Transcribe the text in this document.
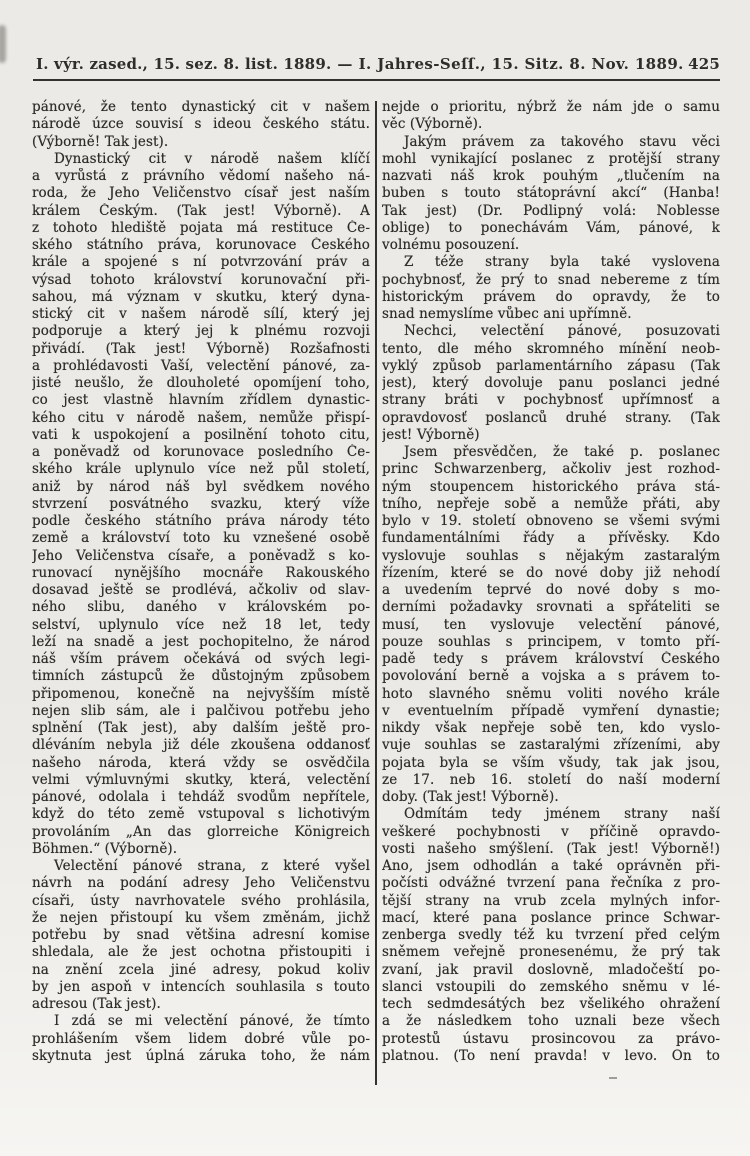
I. výr. zased., 15. sez. 8. list. 1889. — I. Jahres-Seſſ., 15. Sitz. 8. Nov. 1889. 425
pánové, že tento dynastický cit v našem
národě úzce souvisí s ideou českého státu.
(Výborně! Tak jest).
Dynastický cit v národě našem klíčí
a vyrůstá z právního vědomí našeho ná-
roda, že Jeho Veličenstvo císař jest naším
králem Českým. (Tak jest! Výborně). A
z tohoto hlediště pojata má restituce Če-
ského státního práva, korunovace Českého
krále a spojené s ní potvrzování práv a
výsad tohoto království korunovační při-
sahou, má význam v skutku, který dyna-
stický cit v našem národě sílí, který jej
podporuje a který jej k plnému rozvoji
přivádí. (Tak jest! Výborně) Rozšafnosti
a prohlédavosti Vaší, velectění pánové, za-
jisté neušlo, že dlouholeté opomíjení toho,
co jest vlastně hlavním zřídlem dynastic-
kého citu v národě našem, nemůže přispí-
vati k uspokojení a posilnění tohoto citu,
a poněvadž od korunovace posledního Če-
ského krále uplynulo více než půl století,
aniž by národ náš byl svědkem nového
stvrzení posvátného svazku, který víže
podle českého státního práva národy této
země a království toto ku vznešené osobě
Jeho Veličenstva císaře, a poněvadž s ko-
runovací nynějšího mocnáře Rakouského
dosavad ještě se prodlévá, ačkoliv od slav-
ného slibu, daného v královském po-
selství, uplynulo více než 18 let, tedy
leží na snadě a jest pochopitelno, že národ
náš vším právem očekává od svých legi-
timních zástupců že důstojným způsobem
připomenou, konečně na nejvyšším místě
nejen slib sám, ale i palčivou potřebu jeho
splnění (Tak jest), aby dalším ještě pro-
dléváním nebyla již déle zkoušena oddanosť
našeho národa, která vždy se osvědčila
velmi výmluvnými skutky, která, velectění
pánové, odolala i tehdáž svodům nepřítele,
když do této země vstupoval s lichotivým
provoláním „An das glorreiche Königreich
Böhmen.“ (Výborně).
Velectění pánové strana, z které vyšel
návrh na podání adresy Jeho Veličenstvu
císaři, ústy navrhovatele svého prohlásila,
že nejen přistoupí ku všem změnám, jichž
potřebu by snad většina adresní komise
shledala, ale že jest ochotna přistoupiti i
na znění zcela jiné adresy, pokud koliv
by jen aspoň v intencích souhlasila s touto
adresou (Tak jest).
I zdá se mi velectění pánové, že tímto
prohlášením všem lidem dobré vůle po-
skytnuta jest úplná záruka toho, že nám
nejde o prioritu, nýbrž že nám jde o samu
věc (Výborně).
Jakým právem za takového stavu věci
mohl vynikající poslanec z protější strany
nazvati náš krok pouhým „tlučením na
buben s touto státoprávní akcí“ (Hanba!
Tak jest) (Dr. Podlipný volá: Noblesse
oblige) to ponechávám Vám, pánové, k
volnému posouzení.
Z téže strany byla také vyslovena
pochybnosť, že prý to snad nebereme z tím
historickým právem do opravdy, že to
snad nemyslíme vůbec ani upřímně.
Nechci, velectění pánové, posuzovati
tento, dle mého skromného mínění neob-
vyklý způsob parlamentárního zápasu (Tak
jest), který dovoluje panu poslanci jedné
strany bráti v pochybnosť upřímnosť a
opravdovosť poslanců druhé strany. (Tak
jest! Výborně)
Jsem přesvědčen, že také p. poslanec
princ Schwarzenberg, ačkoliv jest rozhod-
ným stoupencem historického práva stá-
tního, nepřeje sobě a nemůže přáti, aby
bylo v 19. století obnoveno se všemi svými
fundamentálními řády a přívěsky. Kdo
vyslovuje souhlas s nějakým zastaralým
řízením, které se do nové doby již nehodí
a uvedením teprvé do nové doby s mo-
derními požadavky srovnati a spřáteliti se
musí, ten vyslovuje velectění pánové,
pouze souhlas s principem, v tomto pří-
padě tedy s právem království Českého
povolování berně a vojska a s právem to-
hoto slavného sněmu voliti nového krále
v eventuelním případě vymření dynastie;
nikdy však nepřeje sobě ten, kdo vyslo-
vuje souhlas se zastaralými zřízeními, aby
pojata byla se vším všudy, tak jak jsou,
ze 17. neb 16. století do naší moderní
doby. (Tak jest! Výborně).
Odmítám tedy jménem strany naší
veškeré pochybnosti v příčině opravdo-
vosti našeho smýšlení. (Tak jest! Výborně!)
Ano, jsem odhodlán a také oprávněn při-
počísti odvážné tvrzení pana řečníka z pro-
tější strany na vrub zcela mylných infor-
mací, které pana poslance prince Schwar-
zenberga svedly též ku tvrzení před celým
sněmem veřejně pronesenému, že prý tak
zvaní, jak pravil doslovně, mladočeští po-
slanci vstoupili do zemského sněmu v lé-
tech sedmdesátých bez všelikého ohražení
a že následkem toho uznali beze všech
protestů ústavu prosincovou za právo-
platnou. (To není pravda! v levo. On to
